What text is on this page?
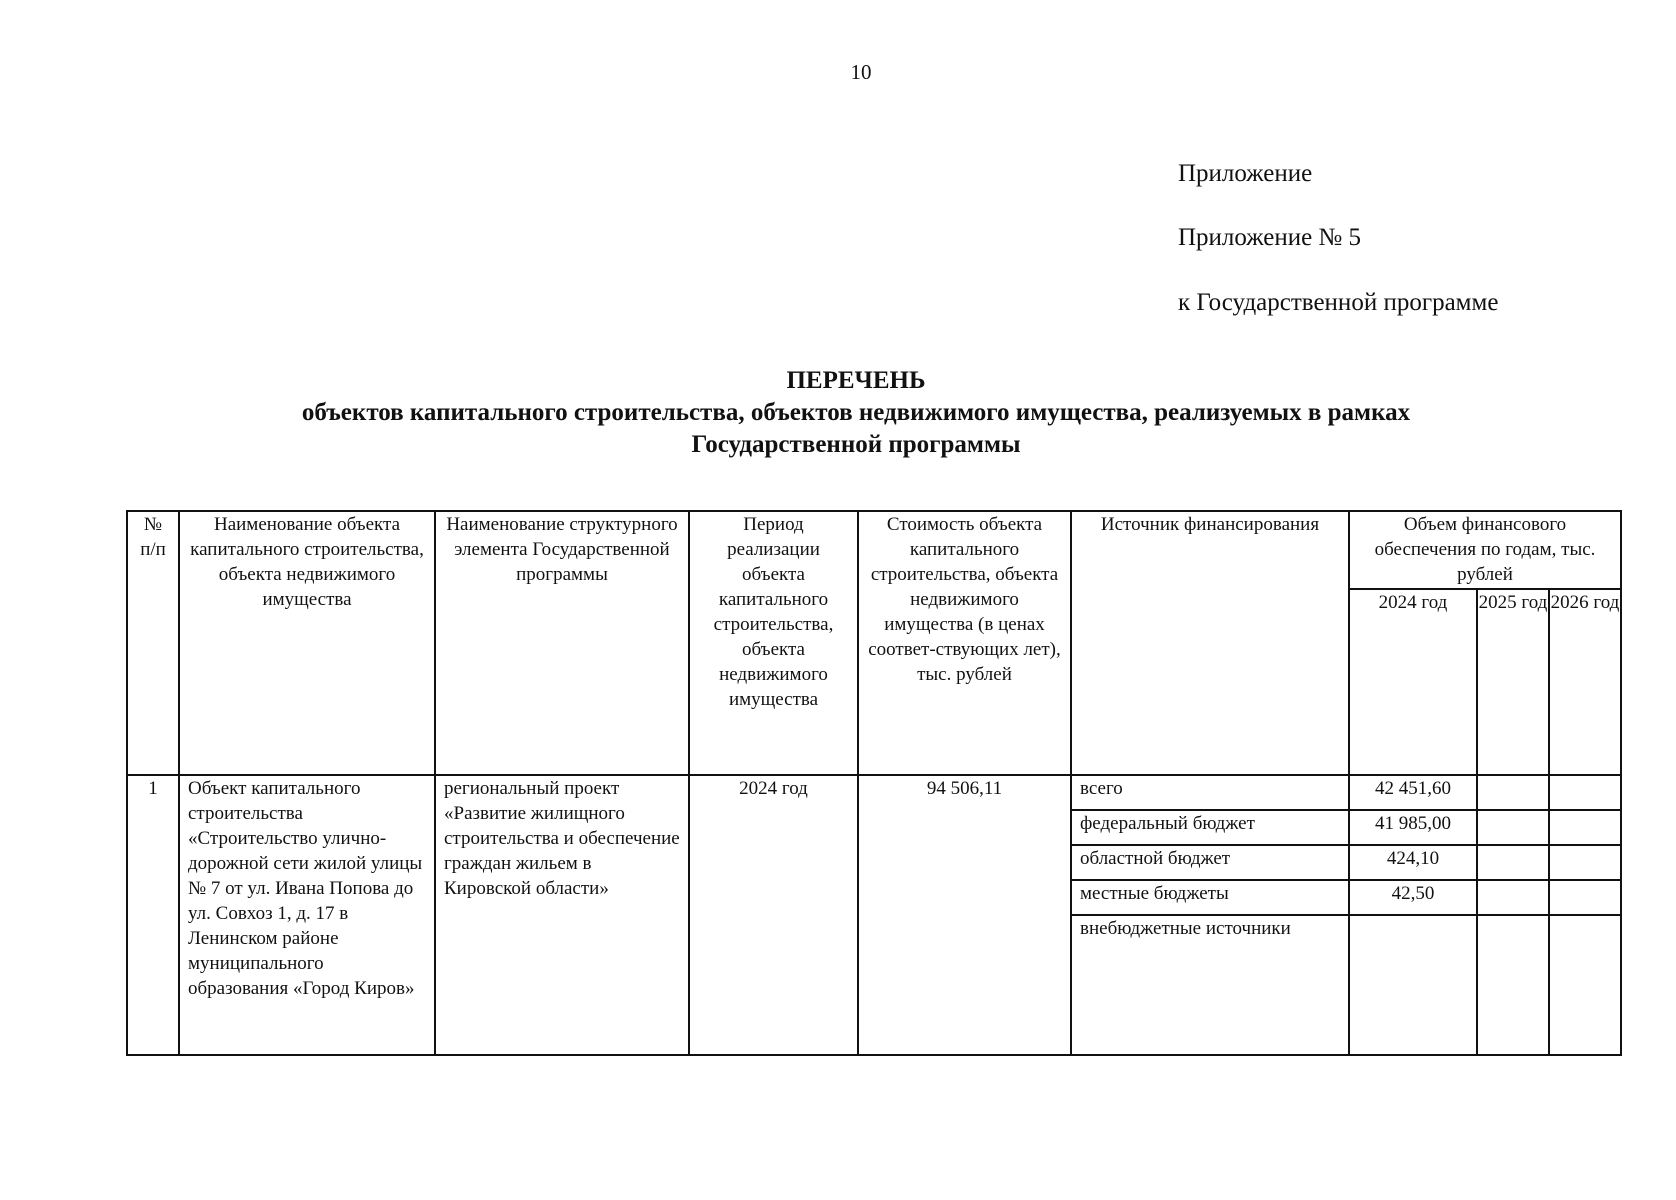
10
Приложение
Приложение № 5
к Государственной программе
ПЕРЕЧЕНЬ
объектов капитального строительства, объектов недвижимого имущества, реализуемых в рамках
Государственной программы
№ п/п	Наименование объекта капитального строительства, объекта недвижимого имущества	Наименование структурного элемента Государственной программы	Период реализации объекта капитального строительства, объекта недвижимого имущества	Стоимость объекта капитального строительства, объекта недвижимого имущества (в ценах соответ-ствующих лет), тыс. рублей	Источник финансирования	Объем финансового обеспечения по годам, тыс. рублей		
						2024 год	2025 год	2026 год
1	Объект капитального строительства «Строительство улично-дорожной сети жилой улицы № 7 от ул. Ивана Попова до ул. Совхоз 1, д. 17 в Ленинском районе муниципального образования «Город Киров»	региональный проект «Развитие жилищного строительства и обеспечение граждан жильем в Кировской области»	2024 год	94 506,11	всего	42 451,60		
					федеральный бюджет	41 985,00		
					областной бюджет	424,10		
					местные бюджеты	42,50		
					внебюджетные источники			
